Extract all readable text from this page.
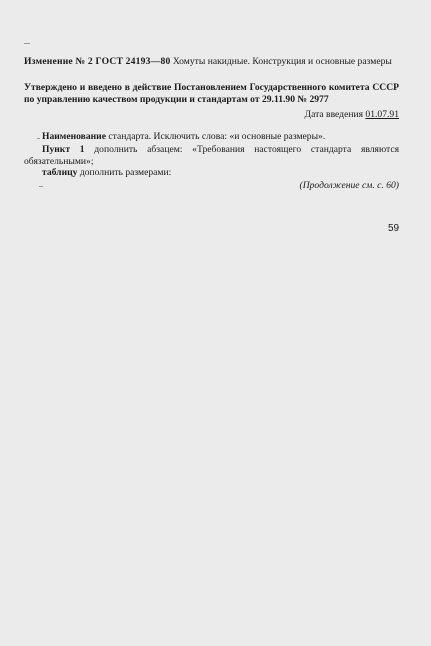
Изменение № 2 ГОСТ 24193—80 Хомуты накидные. Конструкция и основные размеры

Утверждено и введено в действие Постановлением Государственного комитета СССР по управлению качеством продукции и стандартам от 29.11.90 № 2977

Дата введения 01.07.91

Наименование стандарта. Исключить слова: «и основные размеры».

Пункт 1 дополнить абзацем: «Требования настоящего стандарта являются обязательными»;

таблицу дополнить размерами:

(Продолжение см. с. 60)
59
